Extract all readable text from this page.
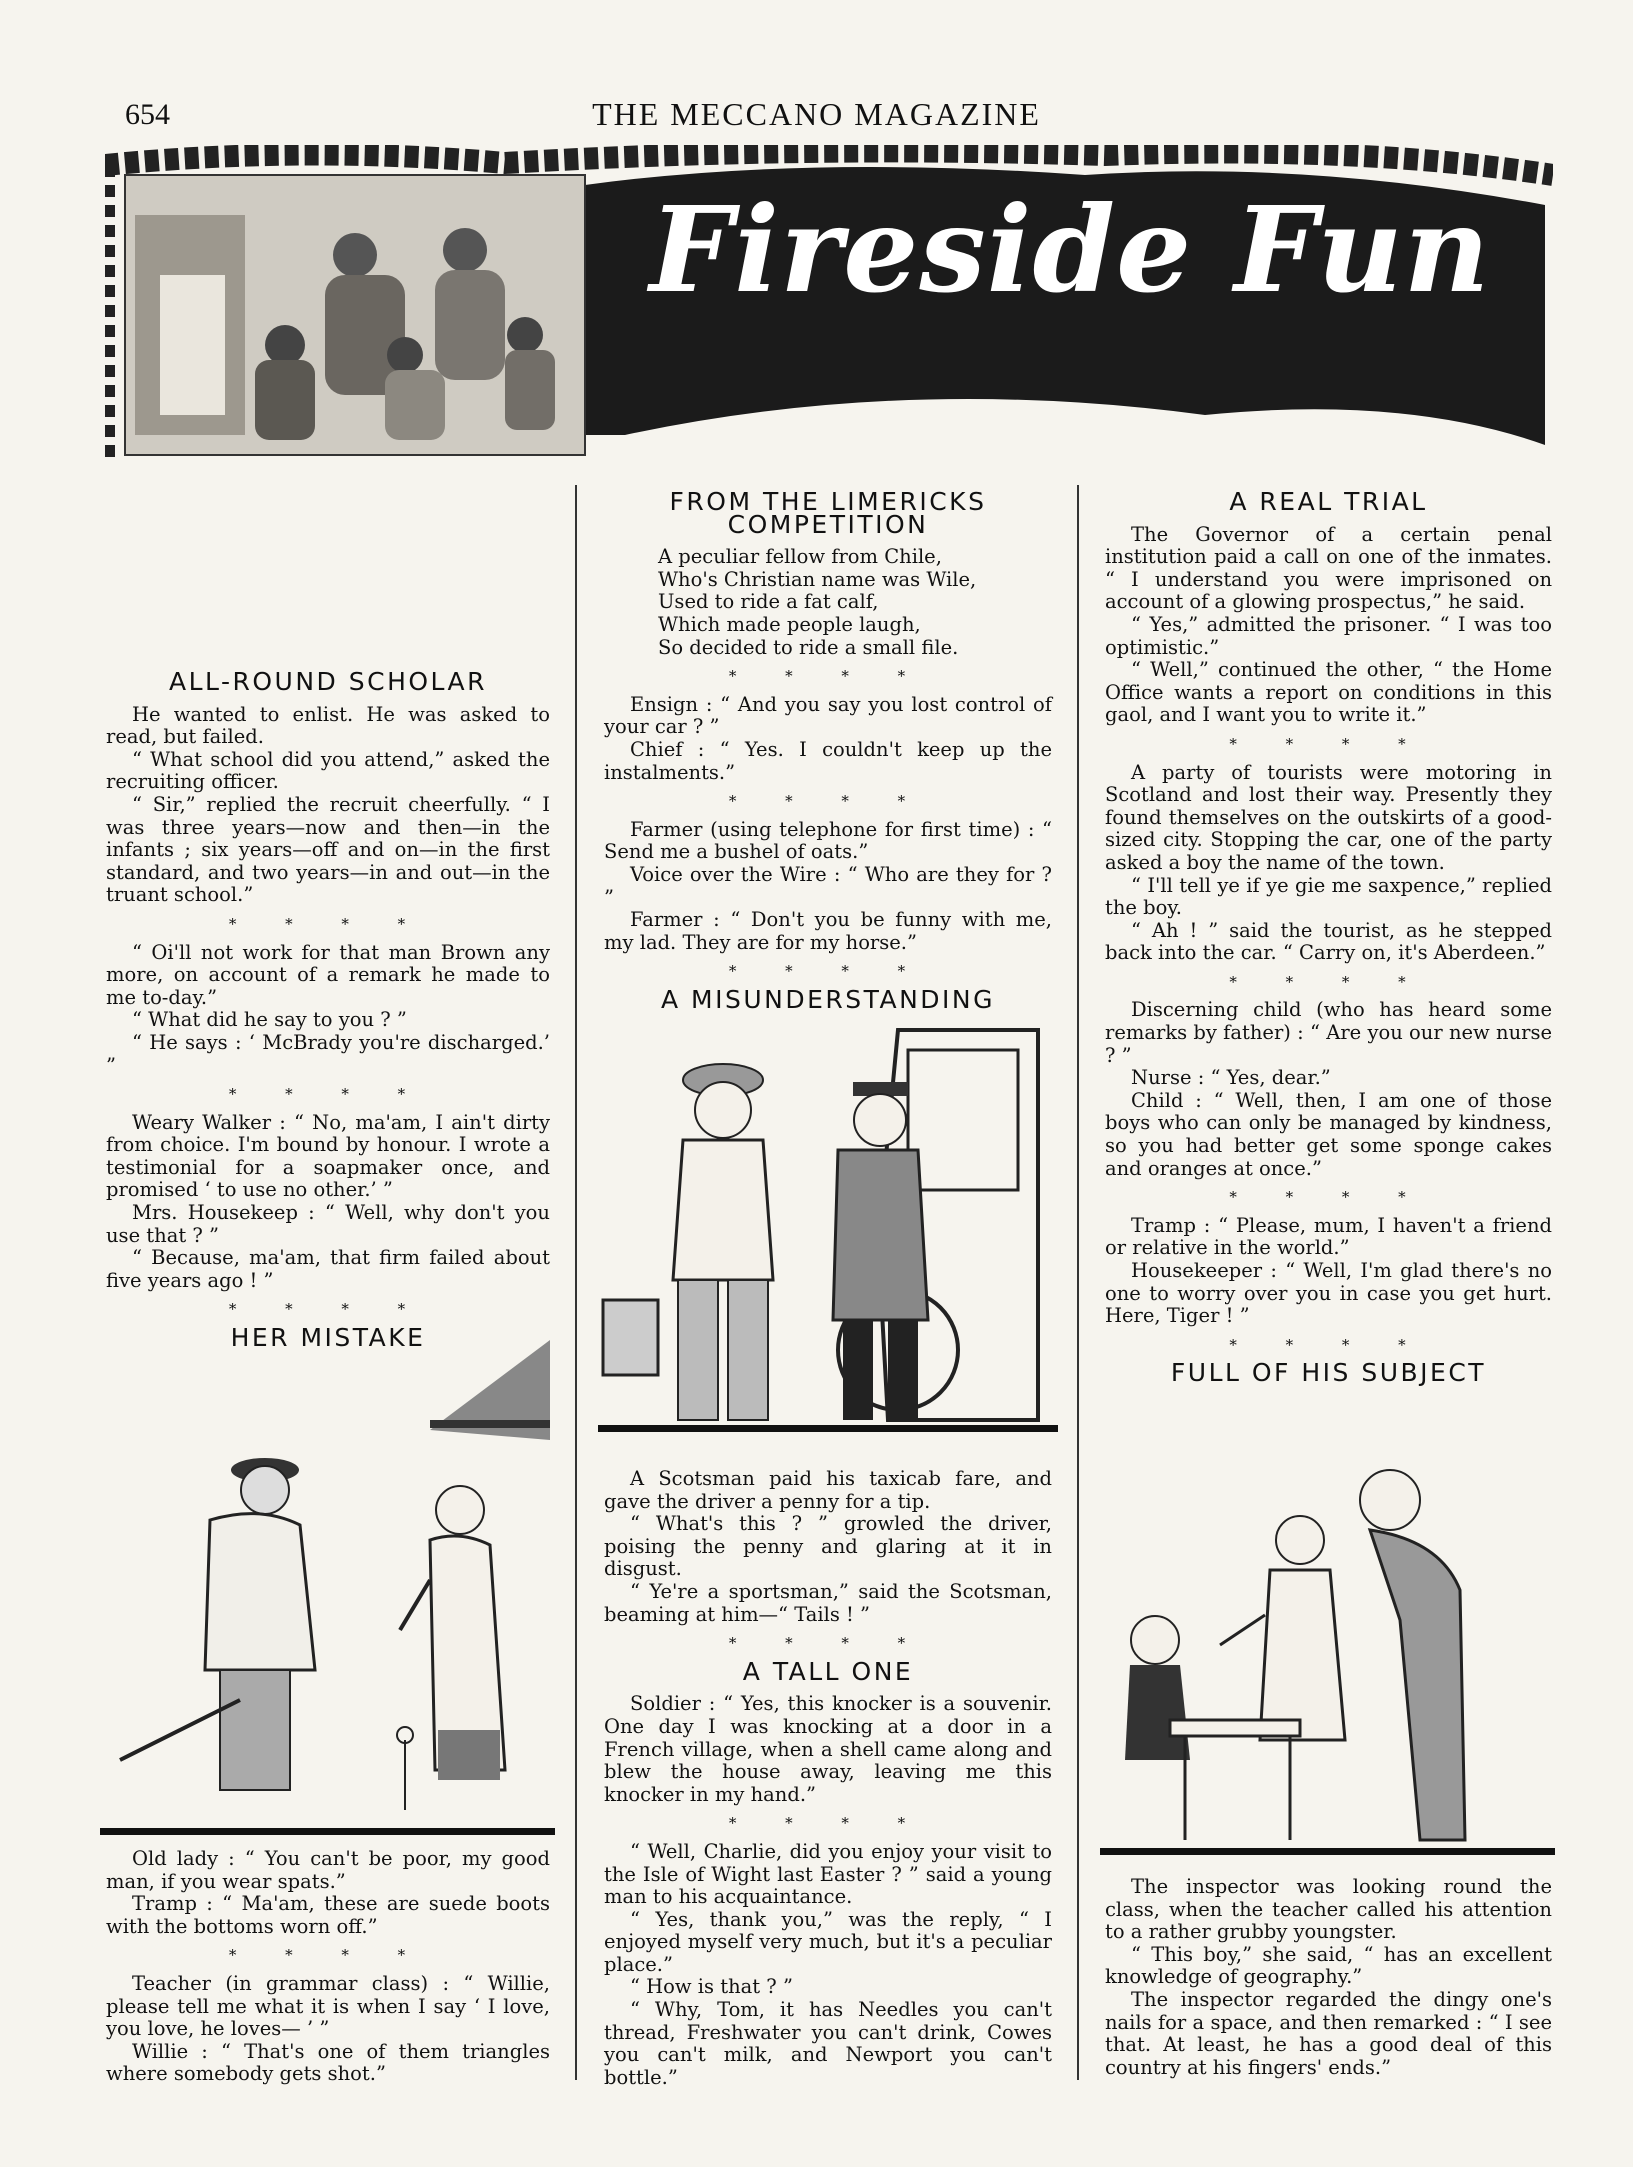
654	THE MECCANO MAGAZINE
Fireside Fun
ALL-ROUND SCHOLAR

He wanted to enlist. He was asked to read, but failed.

“ What school did you attend,” asked the recruiting officer.

“ Sir,” replied the recruit cheerfully. “ I was three years—now and then—in the infants ; six years—off and on—in the first standard, and two years—in and out—in the truant school.”

* * * *

“ Oi'll not work for that man Brown any more, on account of a remark he made to me to-day.”

“ What did he say to you ? ”

“ He says : ‘ McBrady you're discharged.’ ”

* * * *

Weary Walker : “ No, ma'am, I ain't dirty from choice. I'm bound by honour. I wrote a testimonial for a soapmaker once, and promised ‘ to use no other.’ ”

Mrs. Housekeep : “ Well, why don't you use that ? ”

“ Because, ma'am, that firm failed about five years ago ! ”

* * * *
HER MISTAKE

Old lady : “ You can't be poor, my good man, if you wear spats.”

Tramp : “ Ma'am, these are suede boots with the bottoms worn off.”

* * * *

Teacher (in grammar class) : “ Willie, please tell me what it is when I say ‘ I love, you love, he loves— ’ ”

Willie : “ That's one of them triangles where somebody gets shot.”

FROM THE LIMERICKS COMPETITION
A peculiar fellow from Chile,
Who's Christian name was Wile,
Used to ride a fat calf,
Which made people laugh,
So decided to ride a small file.
* * * *

Ensign : “ And you say you lost control of your car ? ”

Chief : “ Yes. I couldn't keep up the instalments.”

* * * *

Farmer (using telephone for first time) : “ Send me a bushel of oats.”

Voice over the Wire : “ Who are they for ? ”

Farmer : “ Don't you be funny with me, my lad. They are for my horse.”

* * * *
A MISUNDERSTANDING

A Scotsman paid his taxicab fare, and gave the driver a penny for a tip.

“ What's this ? ” growled the driver, poising the penny and glaring at it in disgust.

“ Ye're a sportsman,” said the Scotsman, beaming at him—“ Tails ! ”

* * * *
A TALL ONE

Soldier : “ Yes, this knocker is a souvenir. One day I was knocking at a door in a French village, when a shell came along and blew the house away, leaving me this knocker in my hand.”

* * * *

“ Well, Charlie, did you enjoy your visit to the Isle of Wight last Easter ? ” said a young man to his acquaintance.

“ Yes, thank you,” was the reply, “ I enjoyed myself very much, but it's a peculiar place.”

“ How is that ? ”

“ Why, Tom, it has Needles you can't thread, Freshwater you can't drink, Cowes you can't milk, and Newport you can't bottle.”

A REAL TRIAL

The Governor of a certain penal institution paid a call on one of the inmates. “ I understand you were imprisoned on account of a glowing prospectus,” he said.

“ Yes,” admitted the prisoner. “ I was too optimistic.”

“ Well,” continued the other, “ the Home Office wants a report on conditions in this gaol, and I want you to write it.”

* * * *

A party of tourists were motoring in Scotland and lost their way. Presently they found themselves on the outskirts of a good-sized city. Stopping the car, one of the party asked a boy the name of the town.

“ I'll tell ye if ye gie me saxpence,” replied the boy.

“ Ah ! ” said the tourist, as he stepped back into the car. “ Carry on, it's Aberdeen.”

* * * *

Discerning child (who has heard some remarks by father) : “ Are you our new nurse ? ”

Nurse : “ Yes, dear.”

Child : “ Well, then, I am one of those boys who can only be managed by kindness, so you had better get some sponge cakes and oranges at once.”

* * * *

Tramp : “ Please, mum, I haven't a friend or relative in the world.”

Housekeeper : “ Well, I'm glad there's no one to worry over you in case you get hurt. Here, Tiger ! ”

* * * *
FULL OF HIS SUBJECT

The inspector was looking round the class, when the teacher called his attention to a rather grubby youngster.

“ This boy,” she said, “ has an excellent knowledge of geography.”

The inspector regarded the dingy one's nails for a space, and then remarked : “ I see that. At least, he has a good deal of this country at his fingers' ends.”
